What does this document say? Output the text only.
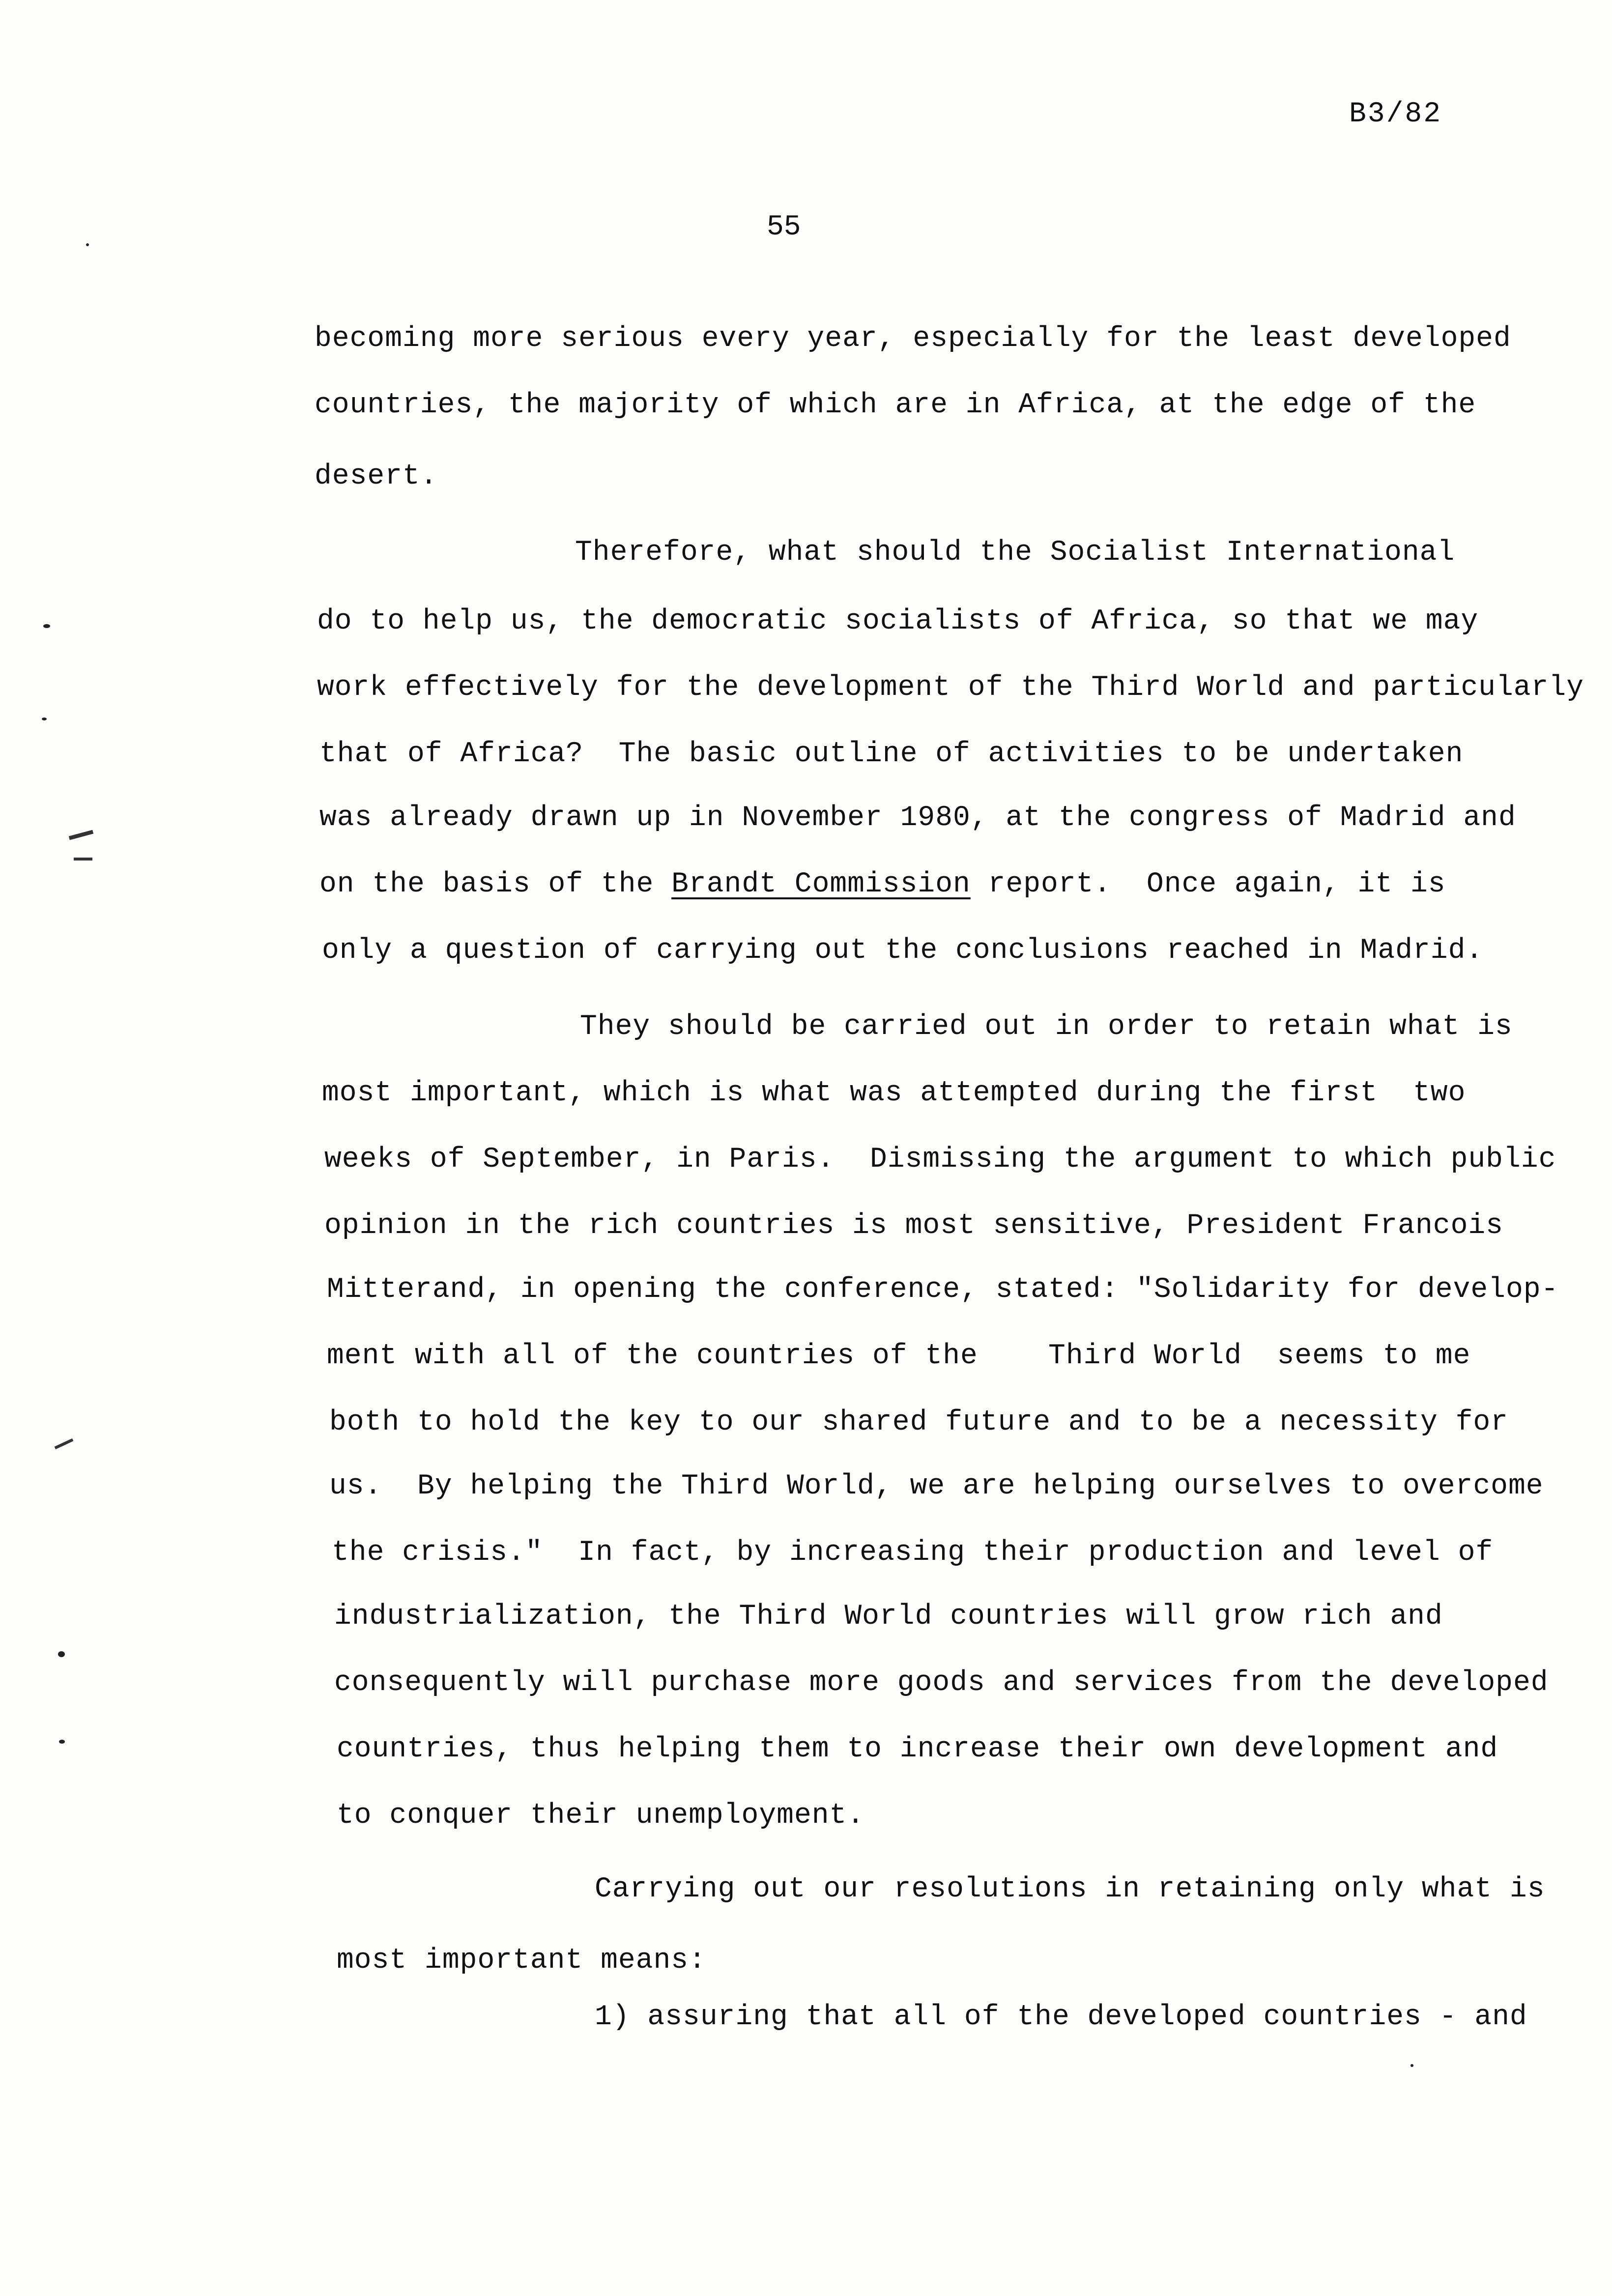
B3/82
55
becoming more serious every year, especially for the least developed
countries, the majority of which are in Africa, at the edge of the
desert.
Therefore, what should the Socialist International
do to help us, the democratic socialists of Africa, so that we may
work effectively for the development of the Third World and particularly
that of Africa?  The basic outline of activities to be undertaken
was already drawn up in November 1980, at the congress of Madrid and
on the basis of the Brandt Commission report.  Once again, it is
only a question of carrying out the conclusions reached in Madrid.
They should be carried out in order to retain what is
most important, which is what was attempted during the first  two
weeks of September, in Paris.  Dismissing the argument to which public
opinion in the rich countries is most sensitive, President Francois
Mitterand, in opening the conference, stated: "Solidarity for develop-
ment with all of the countries of the    Third World  seems to me
both to hold the key to our shared future and to be a necessity for
us.  By helping the Third World, we are helping ourselves to overcome
the crisis."  In fact, by increasing their production and level of
industrialization, the Third World countries will grow rich and
consequently will purchase more goods and services from the developed
countries, thus helping them to increase their own development and
to conquer their unemployment.
Carrying out our resolutions in retaining only what is
most important means:
1) assuring that all of the developed countries - and
